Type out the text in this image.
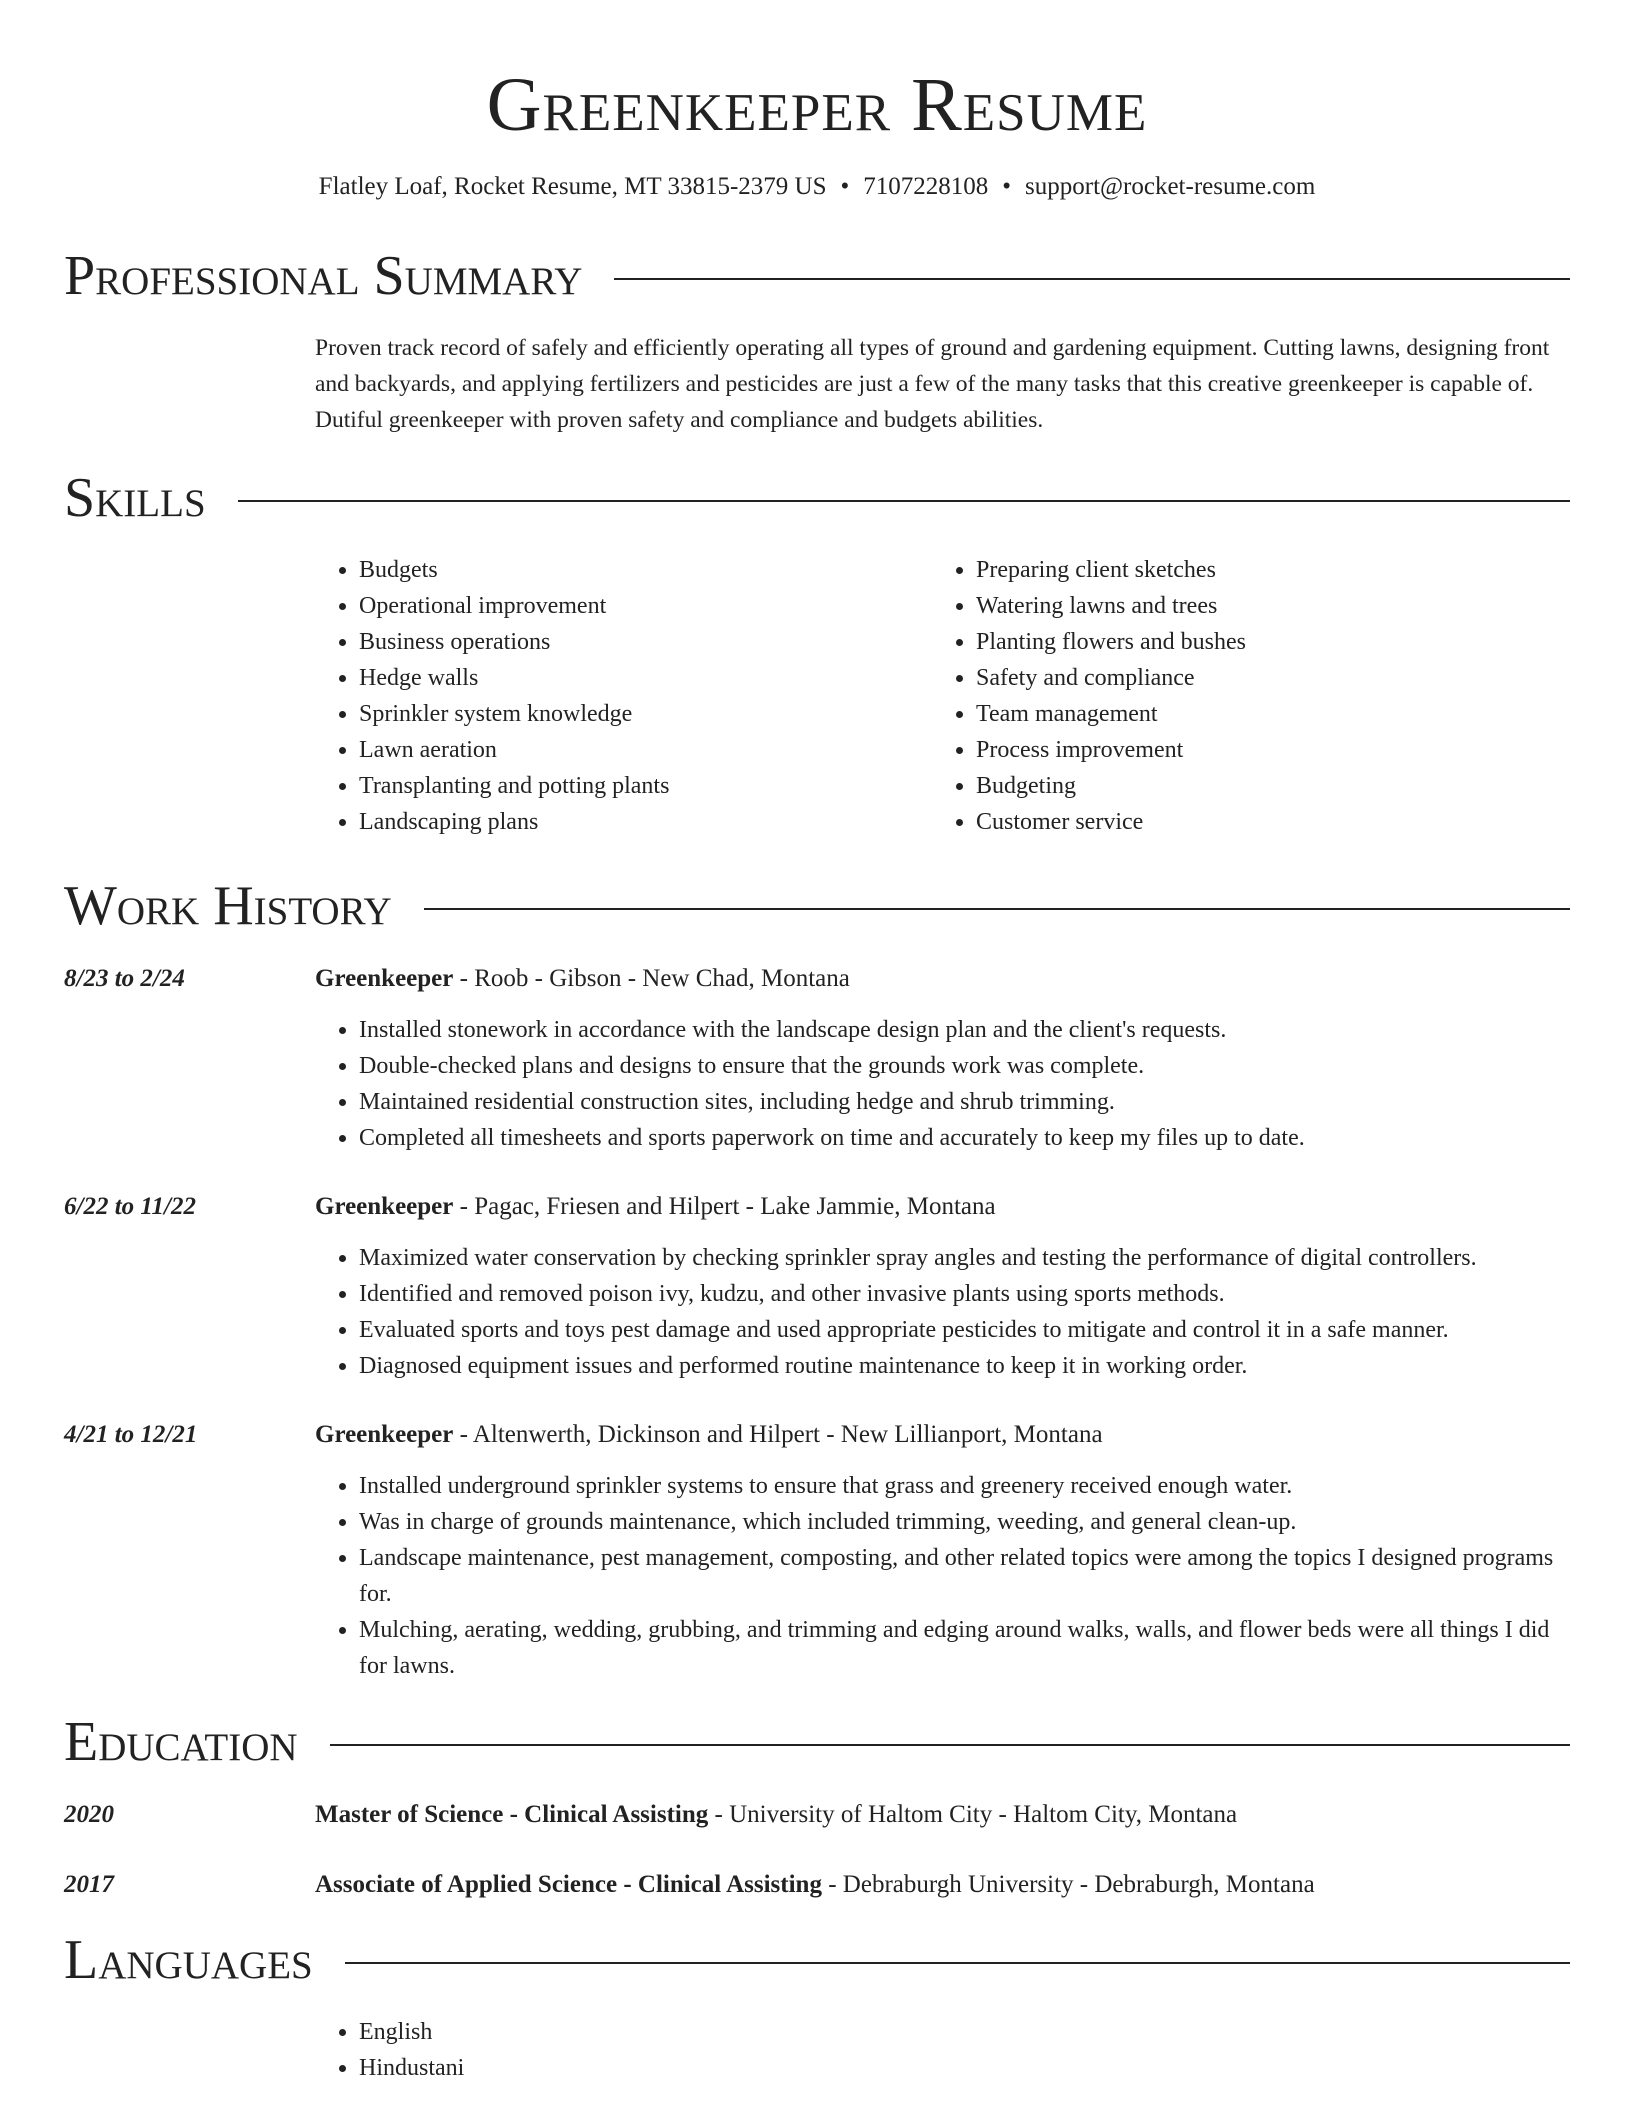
Greenkeeper Resume
Flatley Loaf, Rocket Resume, MT 33815-2379 US • 7107228108 • support@rocket-resume.com
Professional Summary
Proven track record of safely and efficiently operating all types of ground and gardening equipment. Cutting lawns, designing front and backyards, and applying fertilizers and pesticides are just a few of the many tasks that this creative greenkeeper is capable of. Dutiful greenkeeper with proven safety and compliance and budgets abilities.
Skills
• Budgets
• Operational improvement
• Business operations
• Hedge walls
• Sprinkler system knowledge
• Lawn aeration
• Transplanting and potting plants
• Landscaping plans
• Preparing client sketches
• Watering lawns and trees
• Planting flowers and bushes
• Safety and compliance
• Team management
• Process improvement
• Budgeting
• Customer service
Work History
8/23 to 2/24	Greenkeeper - Roob - Gibson - New Chad, Montana
• Installed stonework in accordance with the landscape design plan and the client's requests.
• Double-checked plans and designs to ensure that the grounds work was complete.
• Maintained residential construction sites, including hedge and shrub trimming.
• Completed all timesheets and sports paperwork on time and accurately to keep my files up to date.
6/22 to 11/22	Greenkeeper - Pagac, Friesen and Hilpert - Lake Jammie, Montana
• Maximized water conservation by checking sprinkler spray angles and testing the performance of digital controllers.
• Identified and removed poison ivy, kudzu, and other invasive plants using sports methods.
• Evaluated sports and toys pest damage and used appropriate pesticides to mitigate and control it in a safe manner.
• Diagnosed equipment issues and performed routine maintenance to keep it in working order.
4/21 to 12/21	Greenkeeper - Altenwerth, Dickinson and Hilpert - New Lillianport, Montana
• Installed underground sprinkler systems to ensure that grass and greenery received enough water.
• Was in charge of grounds maintenance, which included trimming, weeding, and general clean-up.
• Landscape maintenance, pest management, composting, and other related topics were among the topics I designed programs for.
• Mulching, aerating, wedding, grubbing, and trimming and edging around walks, walls, and flower beds were all things I did for lawns.
Education
2020	Master of Science - Clinical Assisting - University of Haltom City - Haltom City, Montana
2017	Associate of Applied Science - Clinical Assisting - Debraburgh University - Debraburgh, Montana
Languages
• English
• Hindustani
